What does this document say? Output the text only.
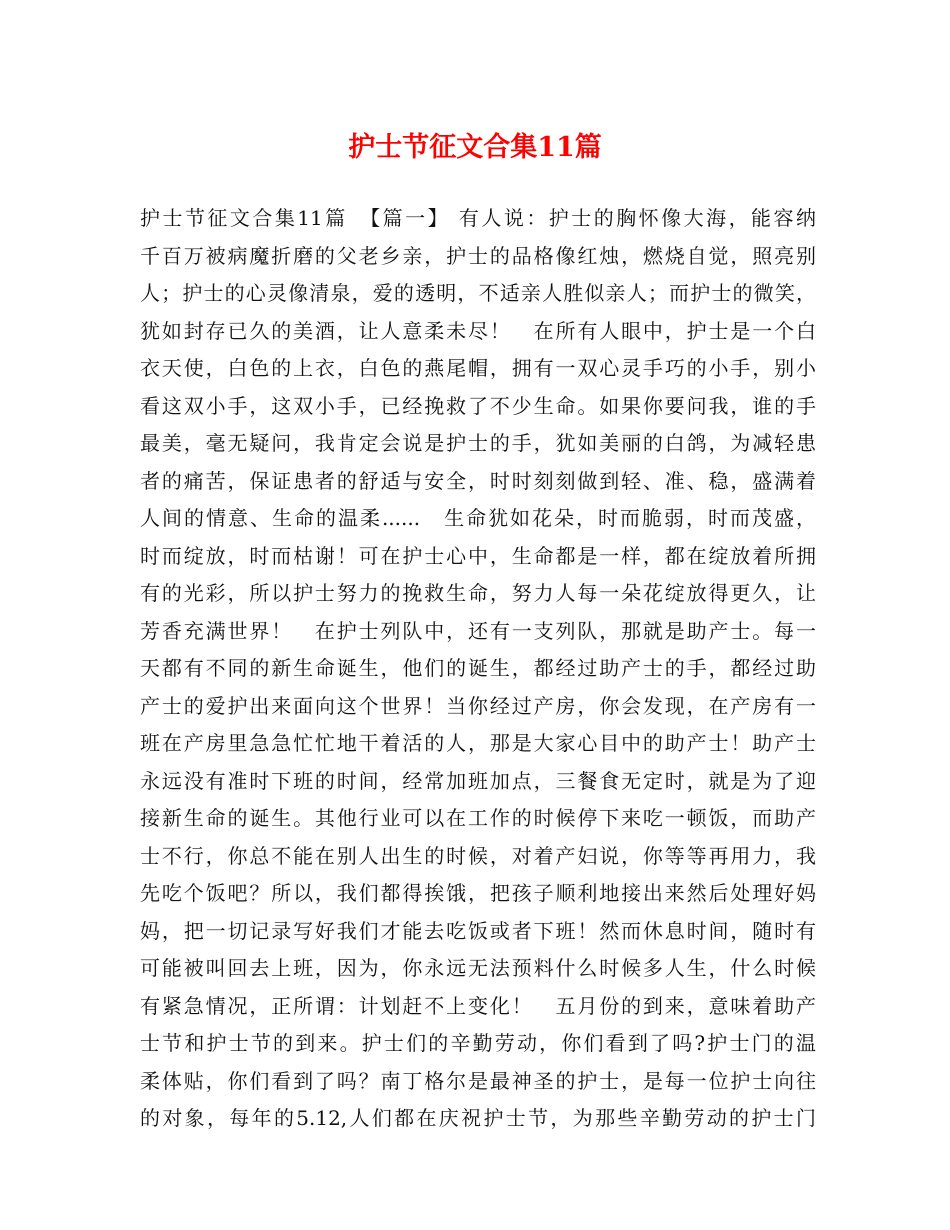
护士节征文合集11篇
护士节征文合集11篇　【篇一】 有人说：护士的胸怀像大海，能容纳
千百万被病魔折磨的父老乡亲，护士的品格像红烛，燃烧自觉，照亮别
人；护士的心灵像清泉，爱的透明，不适亲人胜似亲人；而护士的微笑，
犹如封存已久的美酒，让人意柔未尽！　在所有人眼中，护士是一个白
衣天使，白色的上衣，白色的燕尾帽，拥有一双心灵手巧的小手，别小
看这双小手，这双小手，已经挽救了不少生命。如果你要问我，谁的手
最美，毫无疑问，我肯定会说是护士的手，犹如美丽的白鸽，为减轻患
者的痛苦，保证患者的舒适与安全，时时刻刻做到轻、准、稳，盛满着
人间的情意、生命的温柔......　生命犹如花朵，时而脆弱，时而茂盛，
时而绽放，时而枯谢！可在护士心中，生命都是一样，都在绽放着所拥
有的光彩，所以护士努力的挽救生命，努力人每一朵花绽放得更久，让
芳香充满世界！　在护士列队中，还有一支列队，那就是助产士。每一
天都有不同的新生命诞生，他们的诞生，都经过助产士的手，都经过助
产士的爱护出来面向这个世界！当你经过产房，你会发现，在产房有一
班在产房里急急忙忙地干着活的人，那是大家心目中的助产士！助产士
永远没有准时下班的时间，经常加班加点，三餐食无定时，就是为了迎
接新生命的诞生。其他行业可以在工作的时候停下来吃一顿饭，而助产
士不行，你总不能在别人出生的时候，对着产妇说，你等等再用力，我
先吃个饭吧？所以，我们都得挨饿，把孩子顺利地接出来然后处理好妈
妈，把一切记录写好我们才能去吃饭或者下班！然而休息时间，随时有
可能被叫回去上班，因为，你永远无法预料什么时候多人生，什么时候
有紧急情况，正所谓：计划赶不上变化！　五月份的到来，意味着助产
士节和护士节的到来。护士们的辛勤劳动，你们看到了吗?护士门的温
柔体贴，你们看到了吗？南丁格尔是最神圣的护士，是每一位护士向往
的对象，每年的5.12,人们都在庆祝护士节，为那些辛勤劳动的护士门
